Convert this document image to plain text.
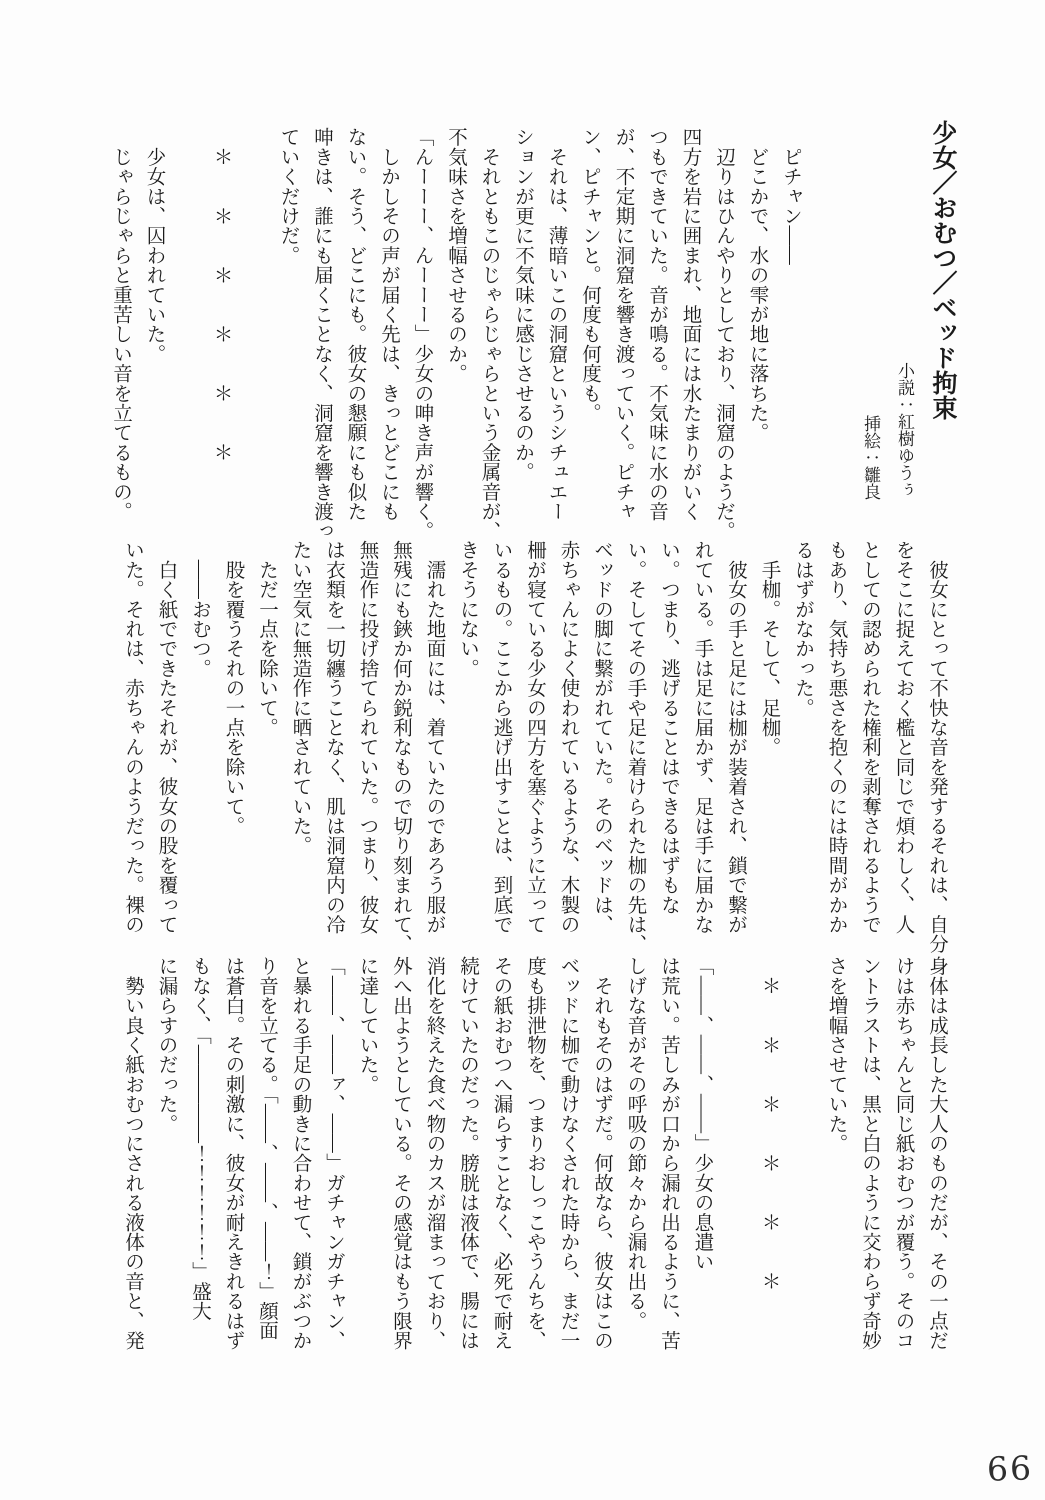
少女／おむつ／ベッド拘束
小説：紅樹ゆうぅ
挿絵：雛良
　ピチャン――
　どこかで、水の雫が地に落ちた。
　辺りはひんやりとしており、洞窟のようだ。
四方を岩に囲まれ、地面には水たまりがいく
つもできていた。音が鳴る。不気味に水の音
が、不定期に洞窟を響き渡っていく。ピチャ
ン、ピチャンと。何度も何度も。
　それは、薄暗いこの洞窟というシチュエー
ションが更に不気味に感じさせるのか。
　それともこのじゃらじゃらという金属音が、
不気味さを増幅させるのか。
「んーーー、んーーー」少女の呻き声が響く。
　しかしその声が届く先は、きっとどこにも
ない。そう、どこにも。彼女の懇願にも似た
呻きは、誰にも届くことなく、洞窟を響き渡っ
ていくだけだ。
​
　＊　　＊　　＊　　＊　　＊　　＊
​
　少女は、囚われていた。
　じゃらじゃらと重苦しい音を立てるもの。
　彼女にとって不快な音を発するそれは、自分
をそこに捉えておく檻と同じで煩わしく、人
としての認められた権利を剥奪されるようで
もあり、気持ち悪さを抱くのには時間がかか
るはずがなかった。
　手枷。そして、足枷。
　彼女の手と足には枷が装着され、鎖で繋が
れている。手は足に届かず、足は手に届かな
い。つまり、逃げることはできるはずもな
い。そしてその手や足に着けられた枷の先は、
ベッドの脚に繋がれていた。そのベッドは、
赤ちゃんによく使われているような、木製の
柵が寝ている少女の四方を塞ぐように立って
いるもの。ここから逃げ出すことは、到底で
きそうにない。
　濡れた地面には、着ていたのであろう服が
無残にも鋏か何か鋭利なもので切り刻まれて、
無造作に投げ捨てられていた。つまり、彼女
は衣類を一切纏うことなく、肌は洞窟内の冷
たい空気に無造作に晒されていた。
　ただ一点を除いて。
　股を覆うそれの一点を除いて。
　――おむつ。
　白く紙でできたそれが、彼女の股を覆って
いた。それは、赤ちゃんのようだった。裸の
身体は成長した大人のものだが、その一点だ
けは赤ちゃんと同じ紙おむつが覆う。そのコ
ントラストは、黒と白のように交わらず奇妙
さを増幅させていた。
​
　＊　　＊　　＊　　＊　　＊　　＊
​
「――、――、――」少女の息遣い
は荒い。苦しみが口から漏れ出るように、苦
しげな音がその呼吸の節々から漏れ出る。
　それもそのはずだ。何故なら、彼女はこの
ベッドに枷で動けなくされた時から、まだ一
度も排泄物を、つまりおしっこやうんちを、
その紙おむつへ漏らすことなく、必死で耐え
続けていたのだった。膀胱は液体で、腸には
消化を終えた食べ物のカスが溜まっており、
外へ出ようとしている。その感覚はもう限界
に達していた。
「――、――ァ、――」ガチャンガチャン、
と暴れる手足の動きに合わせて、鎖がぶつか
り音を立てる。「――、――、――！」顔面
は蒼白。その刺激に、彼女が耐えきれるはず
もなく、「―――――！！！！！！」盛大
に漏らすのだった。
　勢い良く紙おむつにされる液体の音と、発
66
